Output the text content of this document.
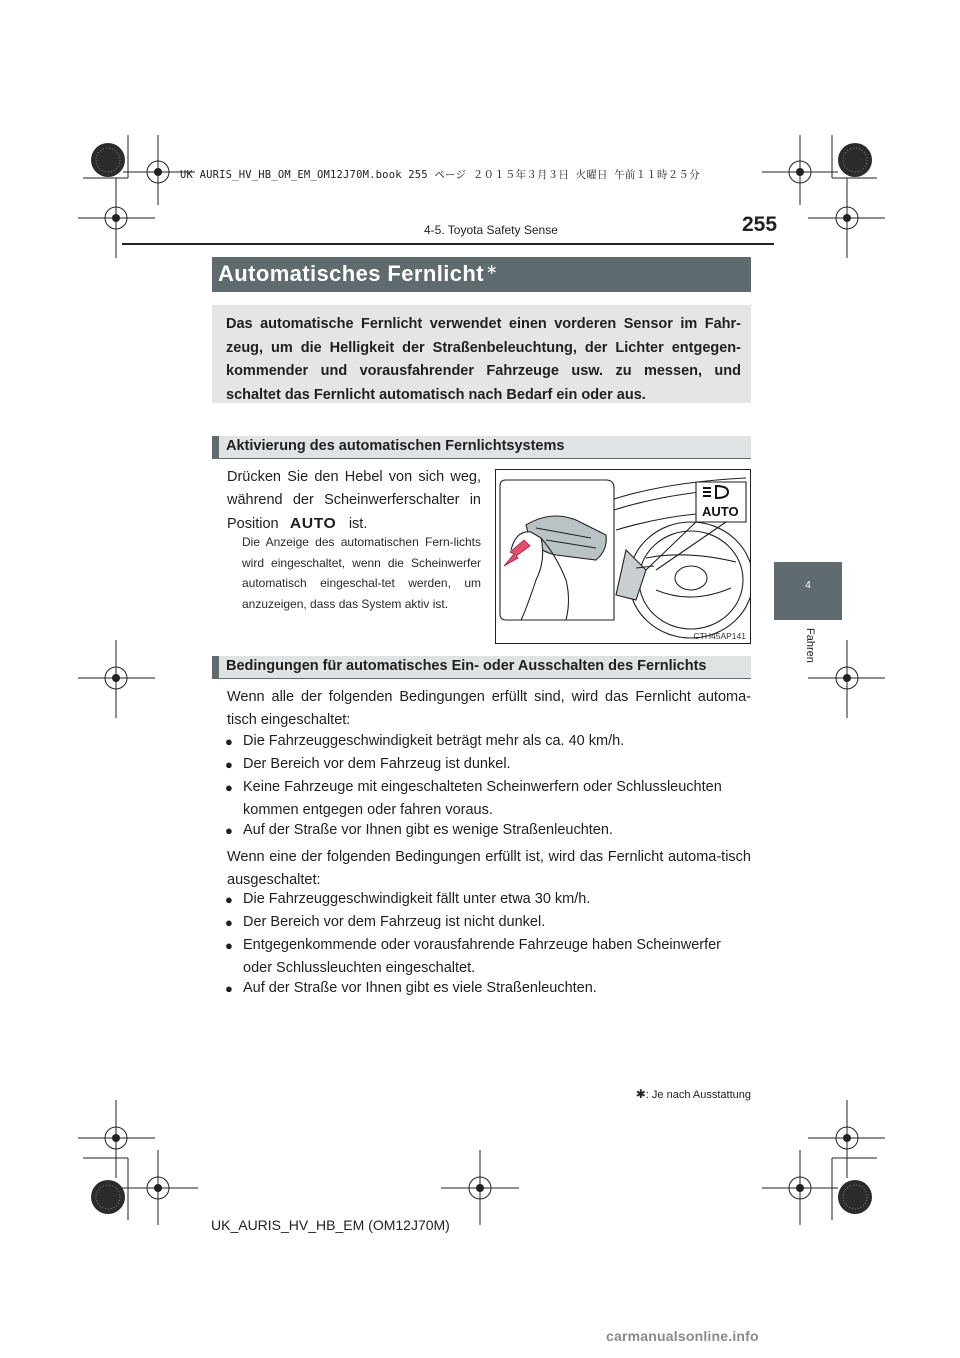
UK AURIS_HV_HB_OM_EM_OM12J70M.book 255 ページ ２０１５年３月３日 火曜日 午前１１時２５分
255
4-5. Toyota Safety Sense
4
Fahren
Automatisches Fernlicht ∗
Das automatische Fernlicht verwendet einen vorderen Sensor im Fahr-zeug, um die Helligkeit der Straßenbeleuchtung, der Lichter entgegen-kommender und vorausfahrender Fahrzeuge usw. zu messen, und schaltet das Fernlicht automatisch nach Bedarf ein oder aus.
Aktivierung des automatischen Fernlichtsystems
Drücken Sie den Hebel von sich weg, während der Scheinwerferschalter in Position AUTO ist.
Die Anzeige des automatischen Fern-lichts wird eingeschaltet, wenn die Scheinwerfer automatisch eingeschal-tet werden, um anzuzeigen, dass das System aktiv ist.
AUTO
CTH45AP141
Bedingungen für automatisches Ein- oder Ausschalten des Fernlichts
Wenn alle der folgenden Bedingungen erfüllt sind, wird das Fernlicht automa-tisch eingeschaltet:
● Die Fahrzeuggeschwindigkeit beträgt mehr als ca. 40 km/h.
● Der Bereich vor dem Fahrzeug ist dunkel.
● Keine Fahrzeuge mit eingeschalteten Scheinwerfern oder Schlussleuchten kommen entgegen oder fahren voraus.
● Auf der Straße vor Ihnen gibt es wenige Straßenleuchten.
Wenn eine der folgenden Bedingungen erfüllt ist, wird das Fernlicht automa-tisch ausgeschaltet:
● Die Fahrzeuggeschwindigkeit fällt unter etwa 30 km/h.
● Der Bereich vor dem Fahrzeug ist nicht dunkel.
● Entgegenkommende oder vorausfahrende Fahrzeuge haben Scheinwerfer oder Schlussleuchten eingeschaltet.
● Auf der Straße vor Ihnen gibt es viele Straßenleuchten.
✱: Je nach Ausstattung
UK_AURIS_HV_HB_EM (OM12J70M)
carmanualsonline.info
